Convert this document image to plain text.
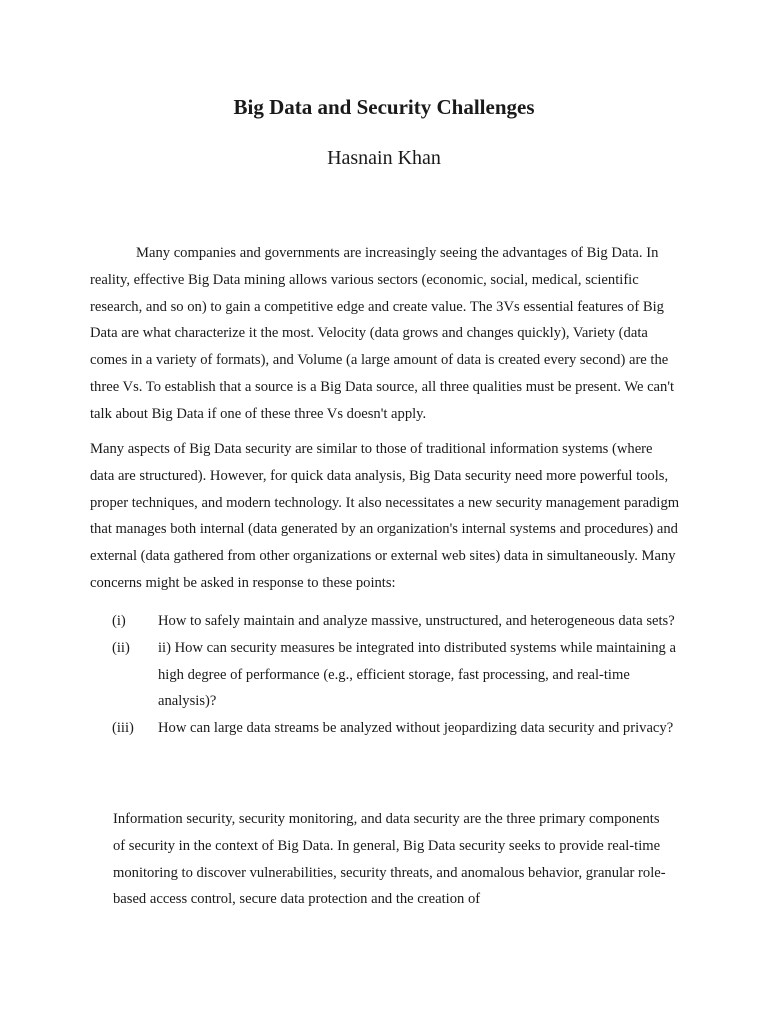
Big Data and Security Challenges
Hasnain Khan

Many companies and governments are increasingly seeing the advantages of Big Data. In reality, effective Big Data mining allows various sectors (economic, social, medical, scientific research, and so on) to gain a competitive edge and create value. The 3Vs essential features of Big Data are what characterize it the most. Velocity (data grows and changes quickly), Variety (data comes in a variety of formats), and Volume (a large amount of data is created every second) are the three Vs. To establish that a source is a Big Data source, all three qualities must be present. We can't talk about Big Data if one of these three Vs doesn't apply.

Many aspects of Big Data security are similar to those of traditional information systems (where data are structured). However, for quick data analysis, Big Data security need more powerful tools, proper techniques, and modern technology. It also necessitates a new security management paradigm that manages both internal (data generated by an organization's internal systems and procedures) and external (data gathered from other organizations or external web sites) data in simultaneously. Many concerns might be asked in response to these points:

(i) How to safely maintain and analyze massive, unstructured, and heterogeneous data sets?
(ii) ii) How can security measures be integrated into distributed systems while maintaining a high degree of performance (e.g., efficient storage, fast processing, and real-time analysis)?
(iii) How can large data streams be analyzed without jeopardizing data security and privacy?

Information security, security monitoring, and data security are the three primary components of security in the context of Big Data. In general, Big Data security seeks to provide real-time monitoring to discover vulnerabilities, security threats, and anomalous behavior, granular role-based access control, secure data protection and the creation of
